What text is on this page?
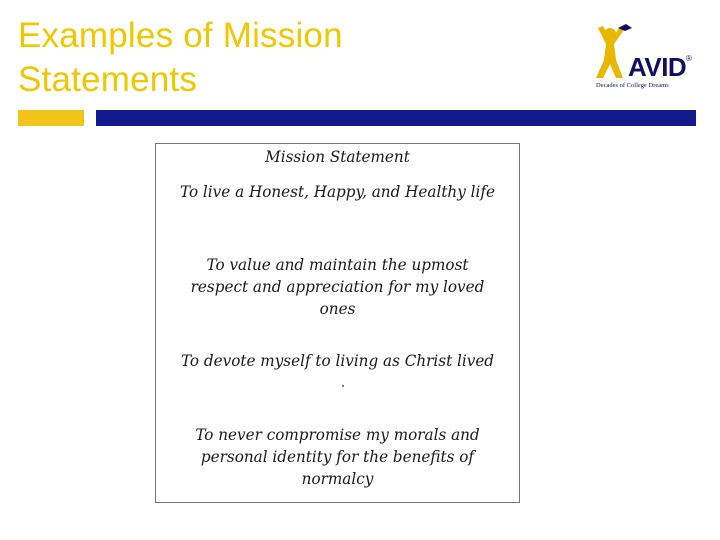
Examples of Mission
Statements	AVID ®
Decades of College Dreams

Mission Statement

To live a Honest, Happy, and Healthy life

To value and maintain the upmost respect and appreciation for my loved ones

To devote myself to living as Christ lived

To never compromise my morals and personal identity for the benefits of normalcy
